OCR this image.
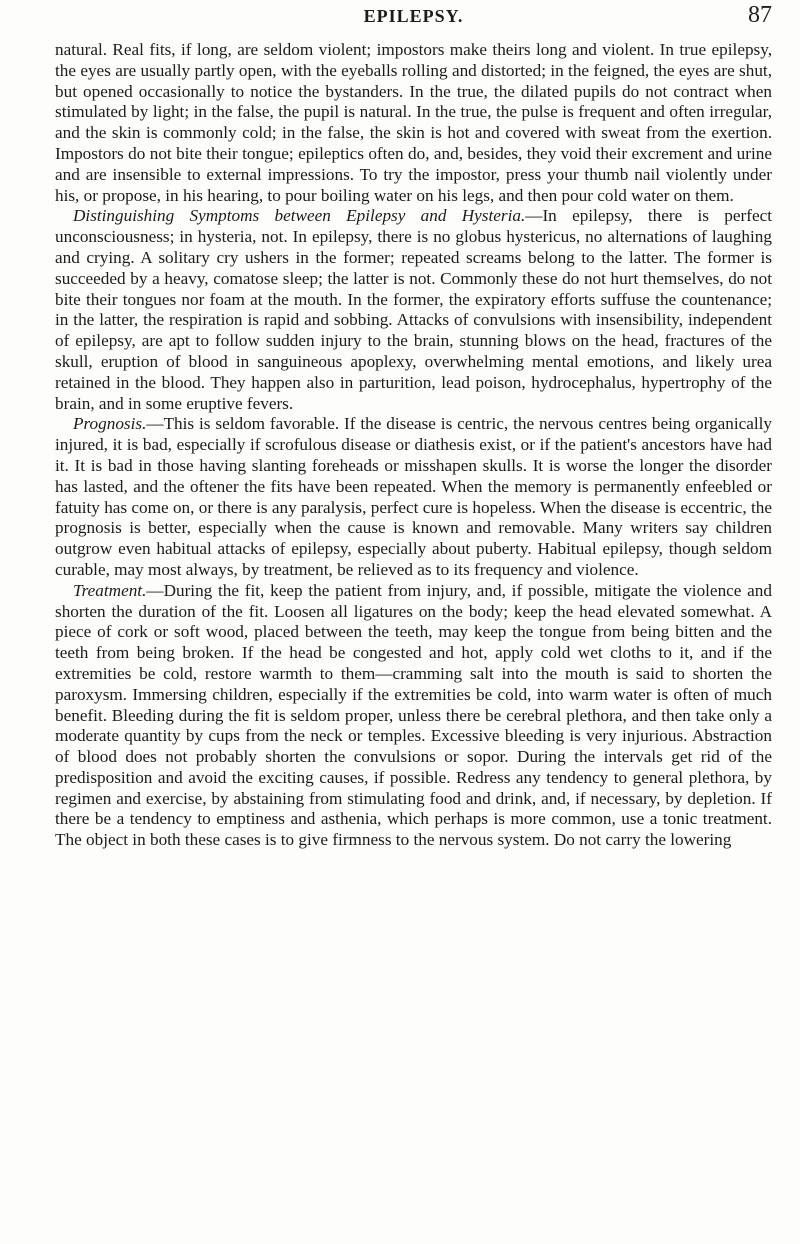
EPILEPSY.	87

natural. Real fits, if long, are seldom violent; impostors make theirs long and violent. In true epilepsy, the eyes are usually partly open, with the eyeballs rolling and distorted; in the feigned, the eyes are shut, but opened occasionally to notice the bystanders. In the true, the dilated pupils do not contract when stimulated by light; in the false, the pupil is natural. In the true, the pulse is frequent and often irregular, and the skin is commonly cold; in the false, the skin is hot and covered with sweat from the exertion. Impostors do not bite their tongue; epileptics often do, and, besides, they void their excrement and urine and are insensible to external impressions. To try the impostor, press your thumb nail violently under his, or propose, in his hearing, to pour boiling water on his legs, and then pour cold water on them.

Distinguishing Symptoms between Epilepsy and Hysteria.—In epilepsy, there is perfect unconsciousness; in hysteria, not. In epilepsy, there is no globus hystericus, no alternations of laughing and crying. A solitary cry ushers in the former; repeated screams belong to the latter. The former is succeeded by a heavy, comatose sleep; the latter is not. Commonly these do not hurt themselves, do not bite their tongues nor foam at the mouth. In the former, the expiratory efforts suffuse the countenance; in the latter, the respiration is rapid and sobbing. Attacks of convulsions with insensibility, independent of epilepsy, are apt to follow sudden injury to the brain, stunning blows on the head, fractures of the skull, eruption of blood in sanguineous apoplexy, overwhelming mental emotions, and likely urea retained in the blood. They happen also in parturition, lead poison, hydrocephalus, hypertrophy of the brain, and in some eruptive fevers.

Prognosis.—This is seldom favorable. If the disease is centric, the nervous centres being organically injured, it is bad, especially if scrofulous disease or diathesis exist, or if the patient's ancestors have had it. It is bad in those having slanting foreheads or misshapen skulls. It is worse the longer the disorder has lasted, and the oftener the fits have been repeated. When the memory is permanently enfeebled or fatuity has come on, or there is any paralysis, perfect cure is hopeless. When the disease is eccentric, the prognosis is better, especially when the cause is known and removable. Many writers say children outgrow even habitual attacks of epilepsy, especially about puberty. Habitual epilepsy, though seldom curable, may most always, by treatment, be relieved as to its frequency and violence.

Treatment.—During the fit, keep the patient from injury, and, if possible, mitigate the violence and shorten the duration of the fit. Loosen all ligatures on the body; keep the head elevated somewhat. A piece of cork or soft wood, placed between the teeth, may keep the tongue from being bitten and the teeth from being broken. If the head be congested and hot, apply cold wet cloths to it, and if the extremities be cold, restore warmth to them—cramming salt into the mouth is said to shorten the paroxysm. Immersing children, especially if the extremities be cold, into warm water is often of much benefit. Bleeding during the fit is seldom proper, unless there be cerebral plethora, and then take only a moderate quantity by cups from the neck or temples. Excessive bleeding is very injurious. Abstraction of blood does not probably shorten the convulsions or sopor. During the intervals get rid of the predisposition and avoid the exciting causes, if possible. Redress any tendency to general plethora, by regimen and exercise, by abstaining from stimulating food and drink, and, if necessary, by depletion. If there be a tendency to emptiness and asthenia, which perhaps is more common, use a tonic treatment. The object in both these cases is to give firmness to the nervous system. Do not carry the lowering
